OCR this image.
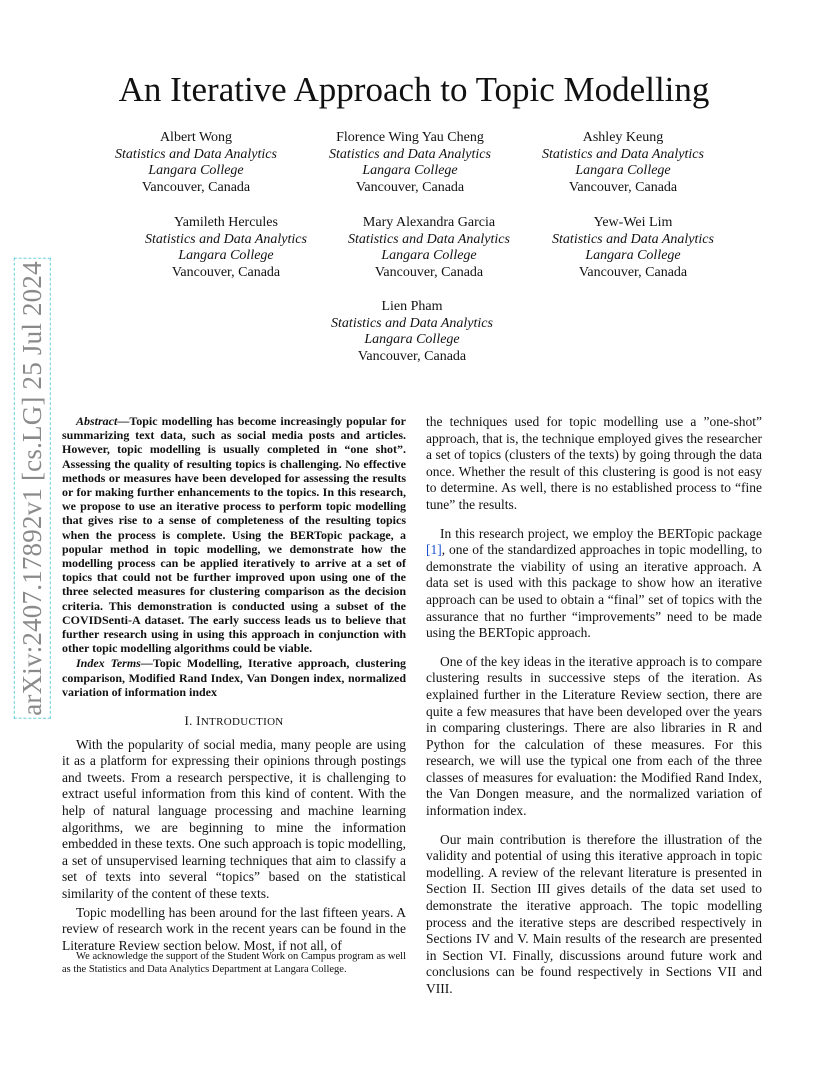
arXiv:2407.17892v1 [cs.LG] 25 Jul 2024
An Iterative Approach to Topic Modelling
Albert Wong
Statistics and Data Analytics
Langara College
Vancouver, Canada
Florence Wing Yau Cheng
Statistics and Data Analytics
Langara College
Vancouver, Canada
Ashley Keung
Statistics and Data Analytics
Langara College
Vancouver, Canada
Yamileth Hercules
Statistics and Data Analytics
Langara College
Vancouver, Canada
Mary Alexandra Garcia
Statistics and Data Analytics
Langara College
Vancouver, Canada
Yew-Wei Lim
Statistics and Data Analytics
Langara College
Vancouver, Canada
Lien Pham
Statistics and Data Analytics
Langara College
Vancouver, Canada

Abstract—Topic modelling has become increasingly popular for summarizing text data, such as social media posts and articles. However, topic modelling is usually completed in “one shot”. Assessing the quality of resulting topics is challenging. No effective methods or measures have been developed for assessing the results or for making further enhancements to the topics. In this research, we propose to use an iterative process to perform topic modelling that gives rise to a sense of completeness of the resulting topics when the process is complete. Using the BERTopic package, a popular method in topic modelling, we demonstrate how the modelling process can be applied iteratively to arrive at a set of topics that could not be further improved upon using one of the three selected measures for clustering comparison as the decision criteria. This demonstration is conducted using a subset of the COVIDSenti-A dataset. The early success leads us to believe that further research using in using this approach in conjunction with other topic modelling algorithms could be viable.

Index Terms—Topic Modelling, Iterative approach, clustering comparison, Modified Rand Index, Van Dongen index, normalized variation of information index

I. INTRODUCTION

With the popularity of social media, many people are using it as a platform for expressing their opinions through postings and tweets. From a research perspective, it is challenging to extract useful information from this kind of content. With the help of natural language processing and machine learning algorithms, we are beginning to mine the information embedded in these texts. One such approach is topic modelling, a set of unsupervised learning techniques that aim to classify a set of texts into several “topics” based on the statistical similarity of the content of these texts.

Topic modelling has been around for the last fifteen years. A review of research work in the recent years can be found in the Literature Review section below. Most, if not all, of

We acknowledge the support of the Student Work on Campus program as well as the Statistics and Data Analytics Department at Langara College.

the techniques used for topic modelling use a ”one-shot” approach, that is, the technique employed gives the researcher a set of topics (clusters of the texts) by going through the data once. Whether the result of this clustering is good is not easy to determine. As well, there is no established process to “fine tune” the results.

In this research project, we employ the BERTopic package [1], one of the standardized approaches in topic modelling, to demonstrate the viability of using an iterative approach. A data set is used with this package to show how an iterative approach can be used to obtain a “final” set of topics with the assurance that no further “improvements” need to be made using the BERTopic approach.

One of the key ideas in the iterative approach is to compare clustering results in successive steps of the iteration. As explained further in the Literature Review section, there are quite a few measures that have been developed over the years in comparing clusterings. There are also libraries in R and Python for the calculation of these measures. For this research, we will use the typical one from each of the three classes of measures for evaluation: the Modified Rand Index, the Van Dongen measure, and the normalized variation of information index.

Our main contribution is therefore the illustration of the validity and potential of using this iterative approach in topic modelling. A review of the relevant literature is presented in Section II. Section III gives details of the data set used to demonstrate the iterative approach. The topic modelling process and the iterative steps are described respectively in Sections IV and V. Main results of the research are presented in Section VI. Finally, discussions around future work and conclusions can be found respectively in Sections VII and VIII.
